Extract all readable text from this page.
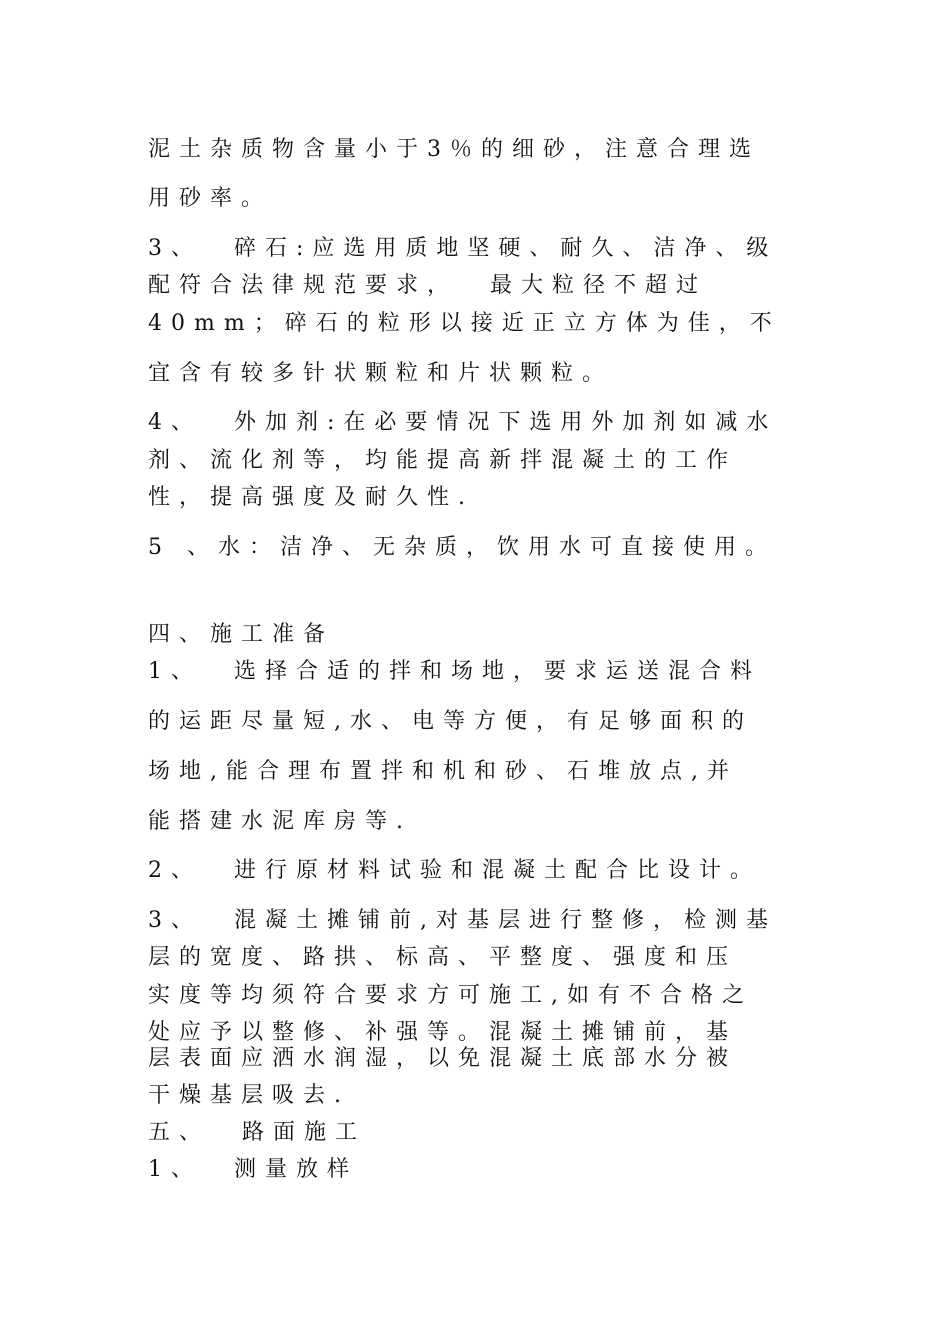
泥土杂质物含量小于3％的细砂，注意合理选
用砂率。
3、  碎石:应选用质地坚硬、耐久、洁净、级
配符合法律规范要求，  最大粒径不超过
40mm；碎石的粒形以接近正立方体为佳，不
宜含有较多针状颗粒和片状颗粒。
4、  外加剂:在必要情况下选用外加剂如减水
剂、流化剂等，均能提高新拌混凝土的工作
性，提高强度及耐久性.
5 、水：洁净、无杂质，饮用水可直接使用。
四、施工准备
1、  选择合适的拌和场地，要求运送混合料
的运距尽量短,水、电等方便，有足够面积的
场地,能合理布置拌和机和砂、石堆放点,并
能搭建水泥库房等.
2、  进行原材料试验和混凝土配合比设计。
3、  混凝土摊铺前,对基层进行整修，检测基
层的宽度、路拱、标高、平整度、强度和压
实度等均须符合要求方可施工,如有不合格之
处应予以整修、补强等。混凝土摊铺前，基
层表面应洒水润湿，以免混凝土底部水分被
干燥基层吸去.
五、  路面施工
1、  测量放样
